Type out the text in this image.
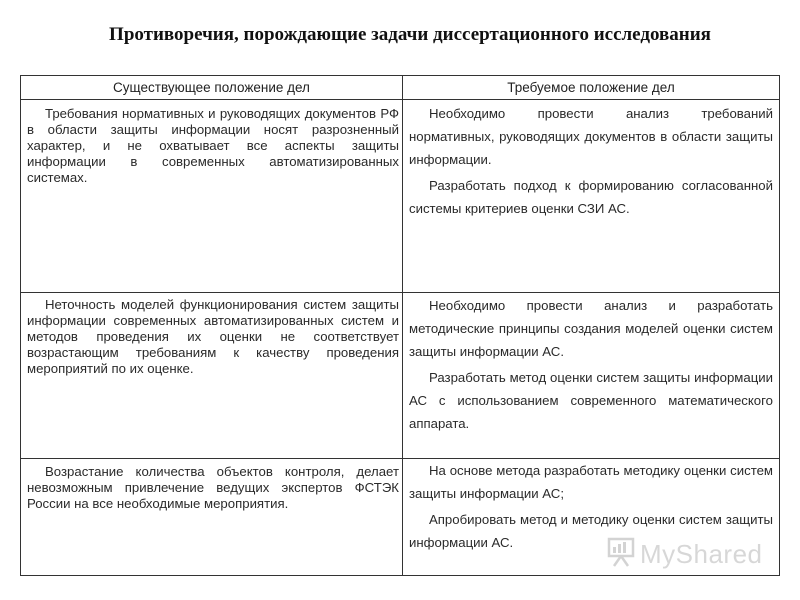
Противоречия, порождающие задачи диссертационного исследования
Существующее положение дел	Требуемое положение дел
Требования нормативных и руководящих документов РФ в области защиты информации носят разрозненный характер, и не охватывает все аспекты защиты информации в современных автоматизированных системах.

Необходимо провести анализ требований нормативных, руководящих документов в области защиты информации.

Разработать подход к формированию согласованной системы критериев оценки СЗИ АС.

Неточность моделей функционирования систем защиты информации современных автоматизированных систем и методов проведения их оценки не соответствует возрастающим требованиям к качеству проведения мероприятий по их оценке.

Необходимо провести анализ и разработать методические принципы создания моделей оценки систем защиты информации АС.

Разработать метод оценки систем защиты информации АС с использованием современного математического аппарата.

Возрастание количества объектов контроля, делает невозможным привлечение ведущих экспертов ФСТЭК России на все необходимые мероприятия.

На основе метода разработать методику оценки систем защиты информации АС;

Апробировать метод и методику оценки систем защиты информации АС.	MyShared
